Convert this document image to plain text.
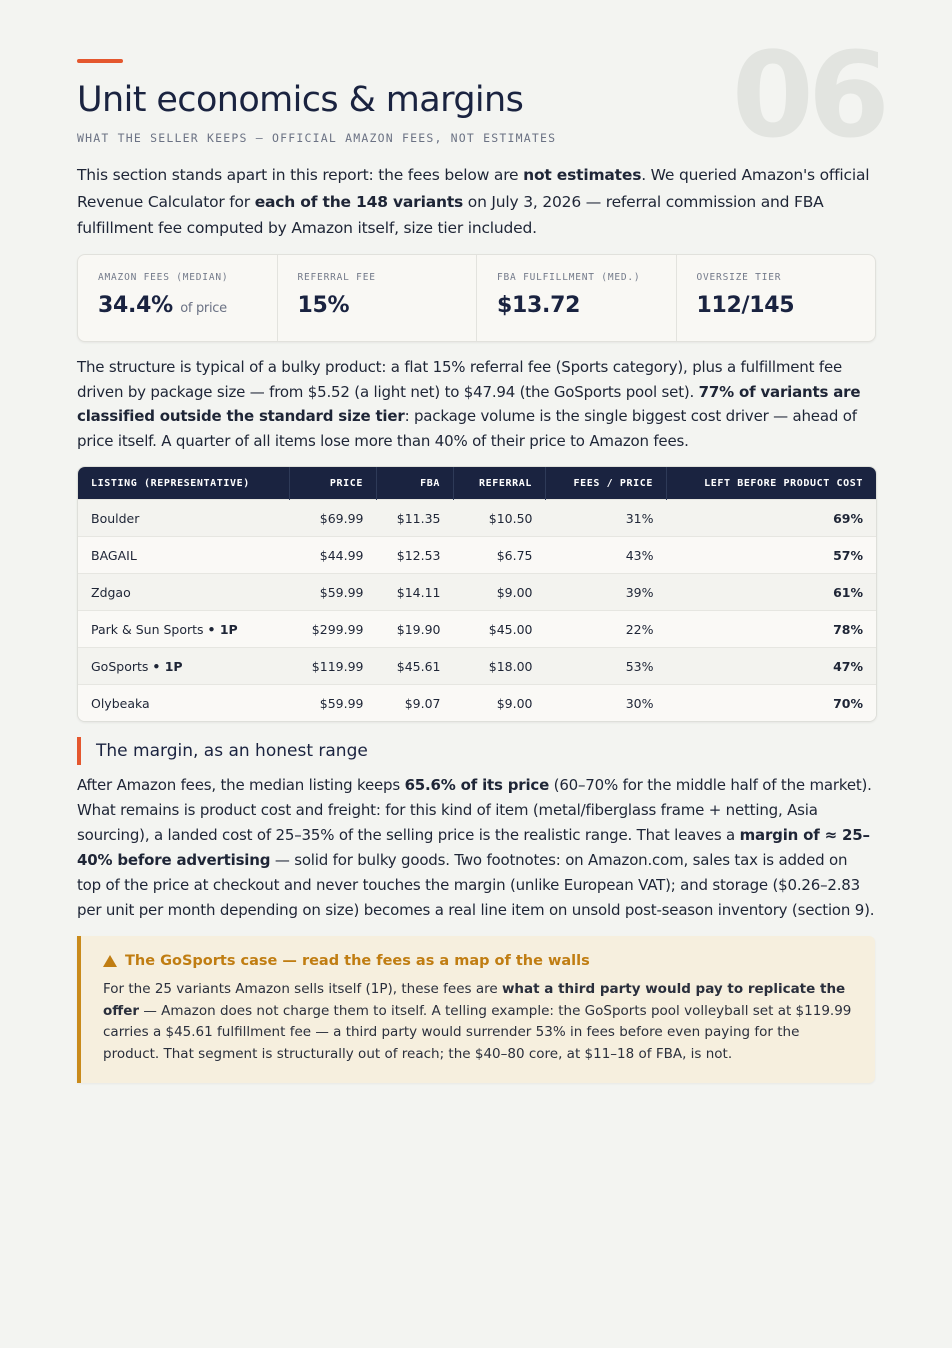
06
Unit economics & margins
WHAT THE SELLER KEEPS — OFFICIAL AMAZON FEES, NOT ESTIMATES

This section stands apart in this report: the fees below are not estimates. We queried Amazon's official Revenue Calculator for each of the 148 variants on July 3, 2026 — referral commission and FBA fulfillment fee computed by Amazon itself, size tier included.

AMAZON FEES (MEDIAN)
34.4% of price
REFERRAL FEE
15%
FBA FULFILLMENT (MED.)
$13.72
OVERSIZE TIER
112/145

The structure is typical of a bulky product: a flat 15% referral fee (Sports category), plus a fulfillment fee driven by package size — from $5.52 (a light net) to $47.94 (the GoSports pool set). 77% of variants are classified outside the standard size tier: package volume is the single biggest cost driver — ahead of price itself. A quarter of all items lose more than 40% of their price to Amazon fees.

LISTING (REPRESENTATIVE)	PRICE	FBA	REFERRAL	FEES / PRICE	LEFT BEFORE PRODUCT COST
Boulder	$69.99	$11.35	$10.50	31%	69%
BAGAIL	$44.99	$12.53	$6.75	43%	57%
Zdgao	$59.99	$14.11	$9.00	39%	61%
Park & Sun Sports • 1P	$299.99	$19.90	$45.00	22%	78%
GoSports • 1P	$119.99	$45.61	$18.00	53%	47%
Olybeaka	$59.99	$9.07	$9.00	30%	70%
The margin, as an honest range

After Amazon fees, the median listing keeps 65.6% of its price (60–70% for the middle half of the market). What remains is product cost and freight: for this kind of item (metal/fiberglass frame + netting, Asia sourcing), a landed cost of 25–35% of the selling price is the realistic range. That leaves a margin of ≈ 25–40% before advertising — solid for bulky goods. Two footnotes: on Amazon.com, sales tax is added on top of the price at checkout and never touches the margin (unlike European VAT); and storage ($0.26–2.83 per unit per month depending on size) becomes a real line item on unsold post-season inventory (section 9).

The GoSports case — read the fees as a map of the walls
For the 25 variants Amazon sells itself (1P), these fees are what a third party would pay to replicate the offer — Amazon does not charge them to itself. A telling example: the GoSports pool volleyball set at $119.99 carries a $45.61 fulfillment fee — a third party would surrender 53% in fees before even paying for the product. That segment is structurally out of reach; the $40–80 core, at $11–18 of FBA, is not.
